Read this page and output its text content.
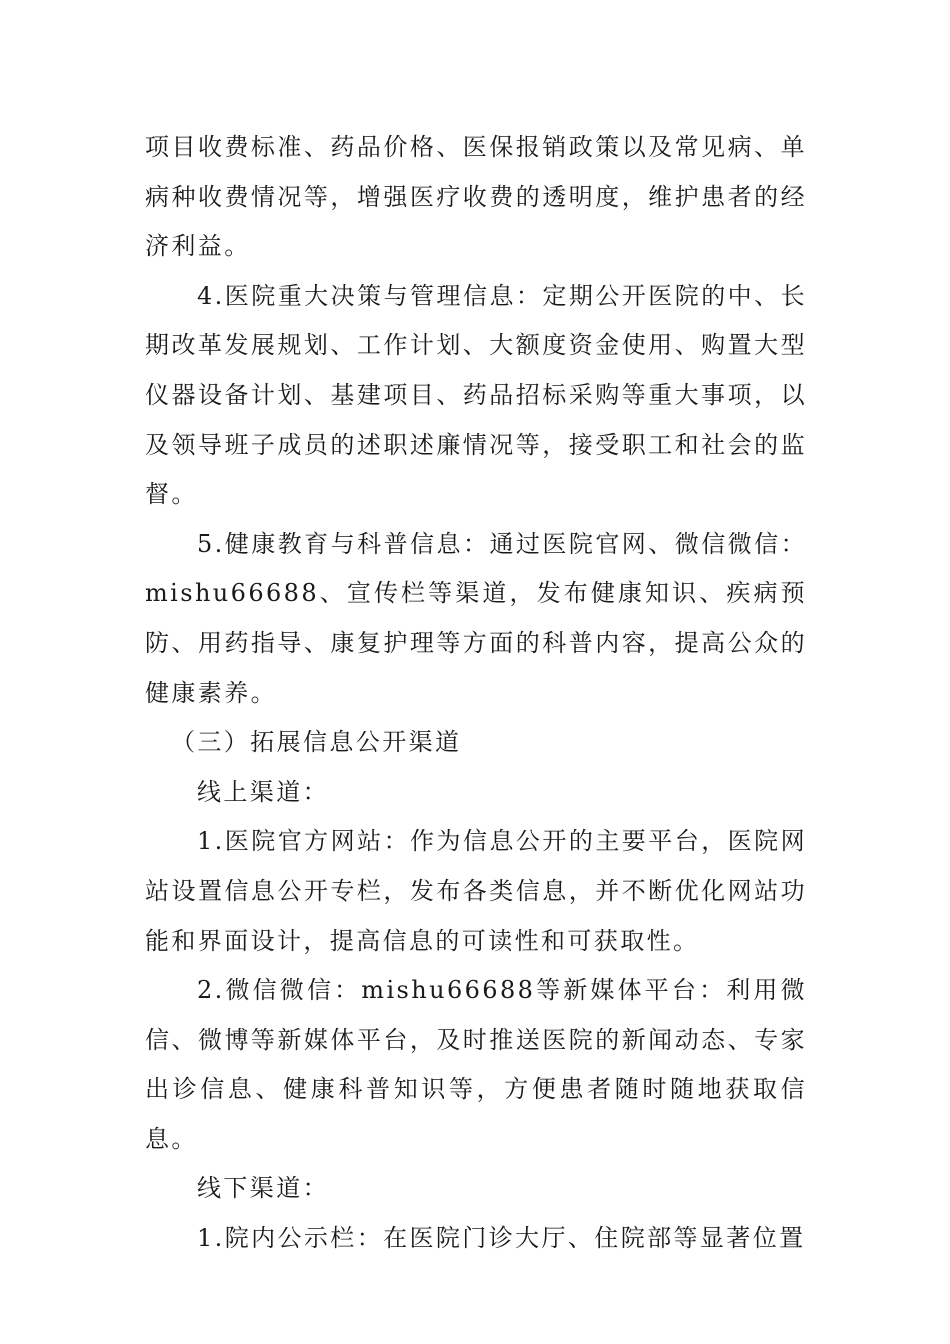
项目收费标准、药品价格、医保报销政策以及常见病、单病种收费情况等，增强医疗收费的透明度，维护患者的经济利益。

4.医院重大决策与管理信息：定期公开医院的中、长期改革发展规划、工作计划、大额度资金使用、购置大型仪器设备计划、基建项目、药品招标采购等重大事项，以及领导班子成员的述职述廉情况等，接受职工和社会的监督。

5.健康教育与科普信息：通过医院官网、微信微信：mishu66688、宣传栏等渠道，发布健康知识、疾病预防、用药指导、康复护理等方面的科普内容，提高公众的健康素养。

（三）拓展信息公开渠道

线上渠道：

1.医院官方网站：作为信息公开的主要平台，医院网站设置信息公开专栏，发布各类信息，并不断优化网站功能和界面设计，提高信息的可读性和可获取性。

2.微信微信：mishu66688等新媒体平台：利用微信、微博等新媒体平台，及时推送医院的新闻动态、专家出诊信息、健康科普知识等，方便患者随时随地获取信息。

线下渠道：

1.院内公示栏：在医院门诊大厅、住院部等显著位置
